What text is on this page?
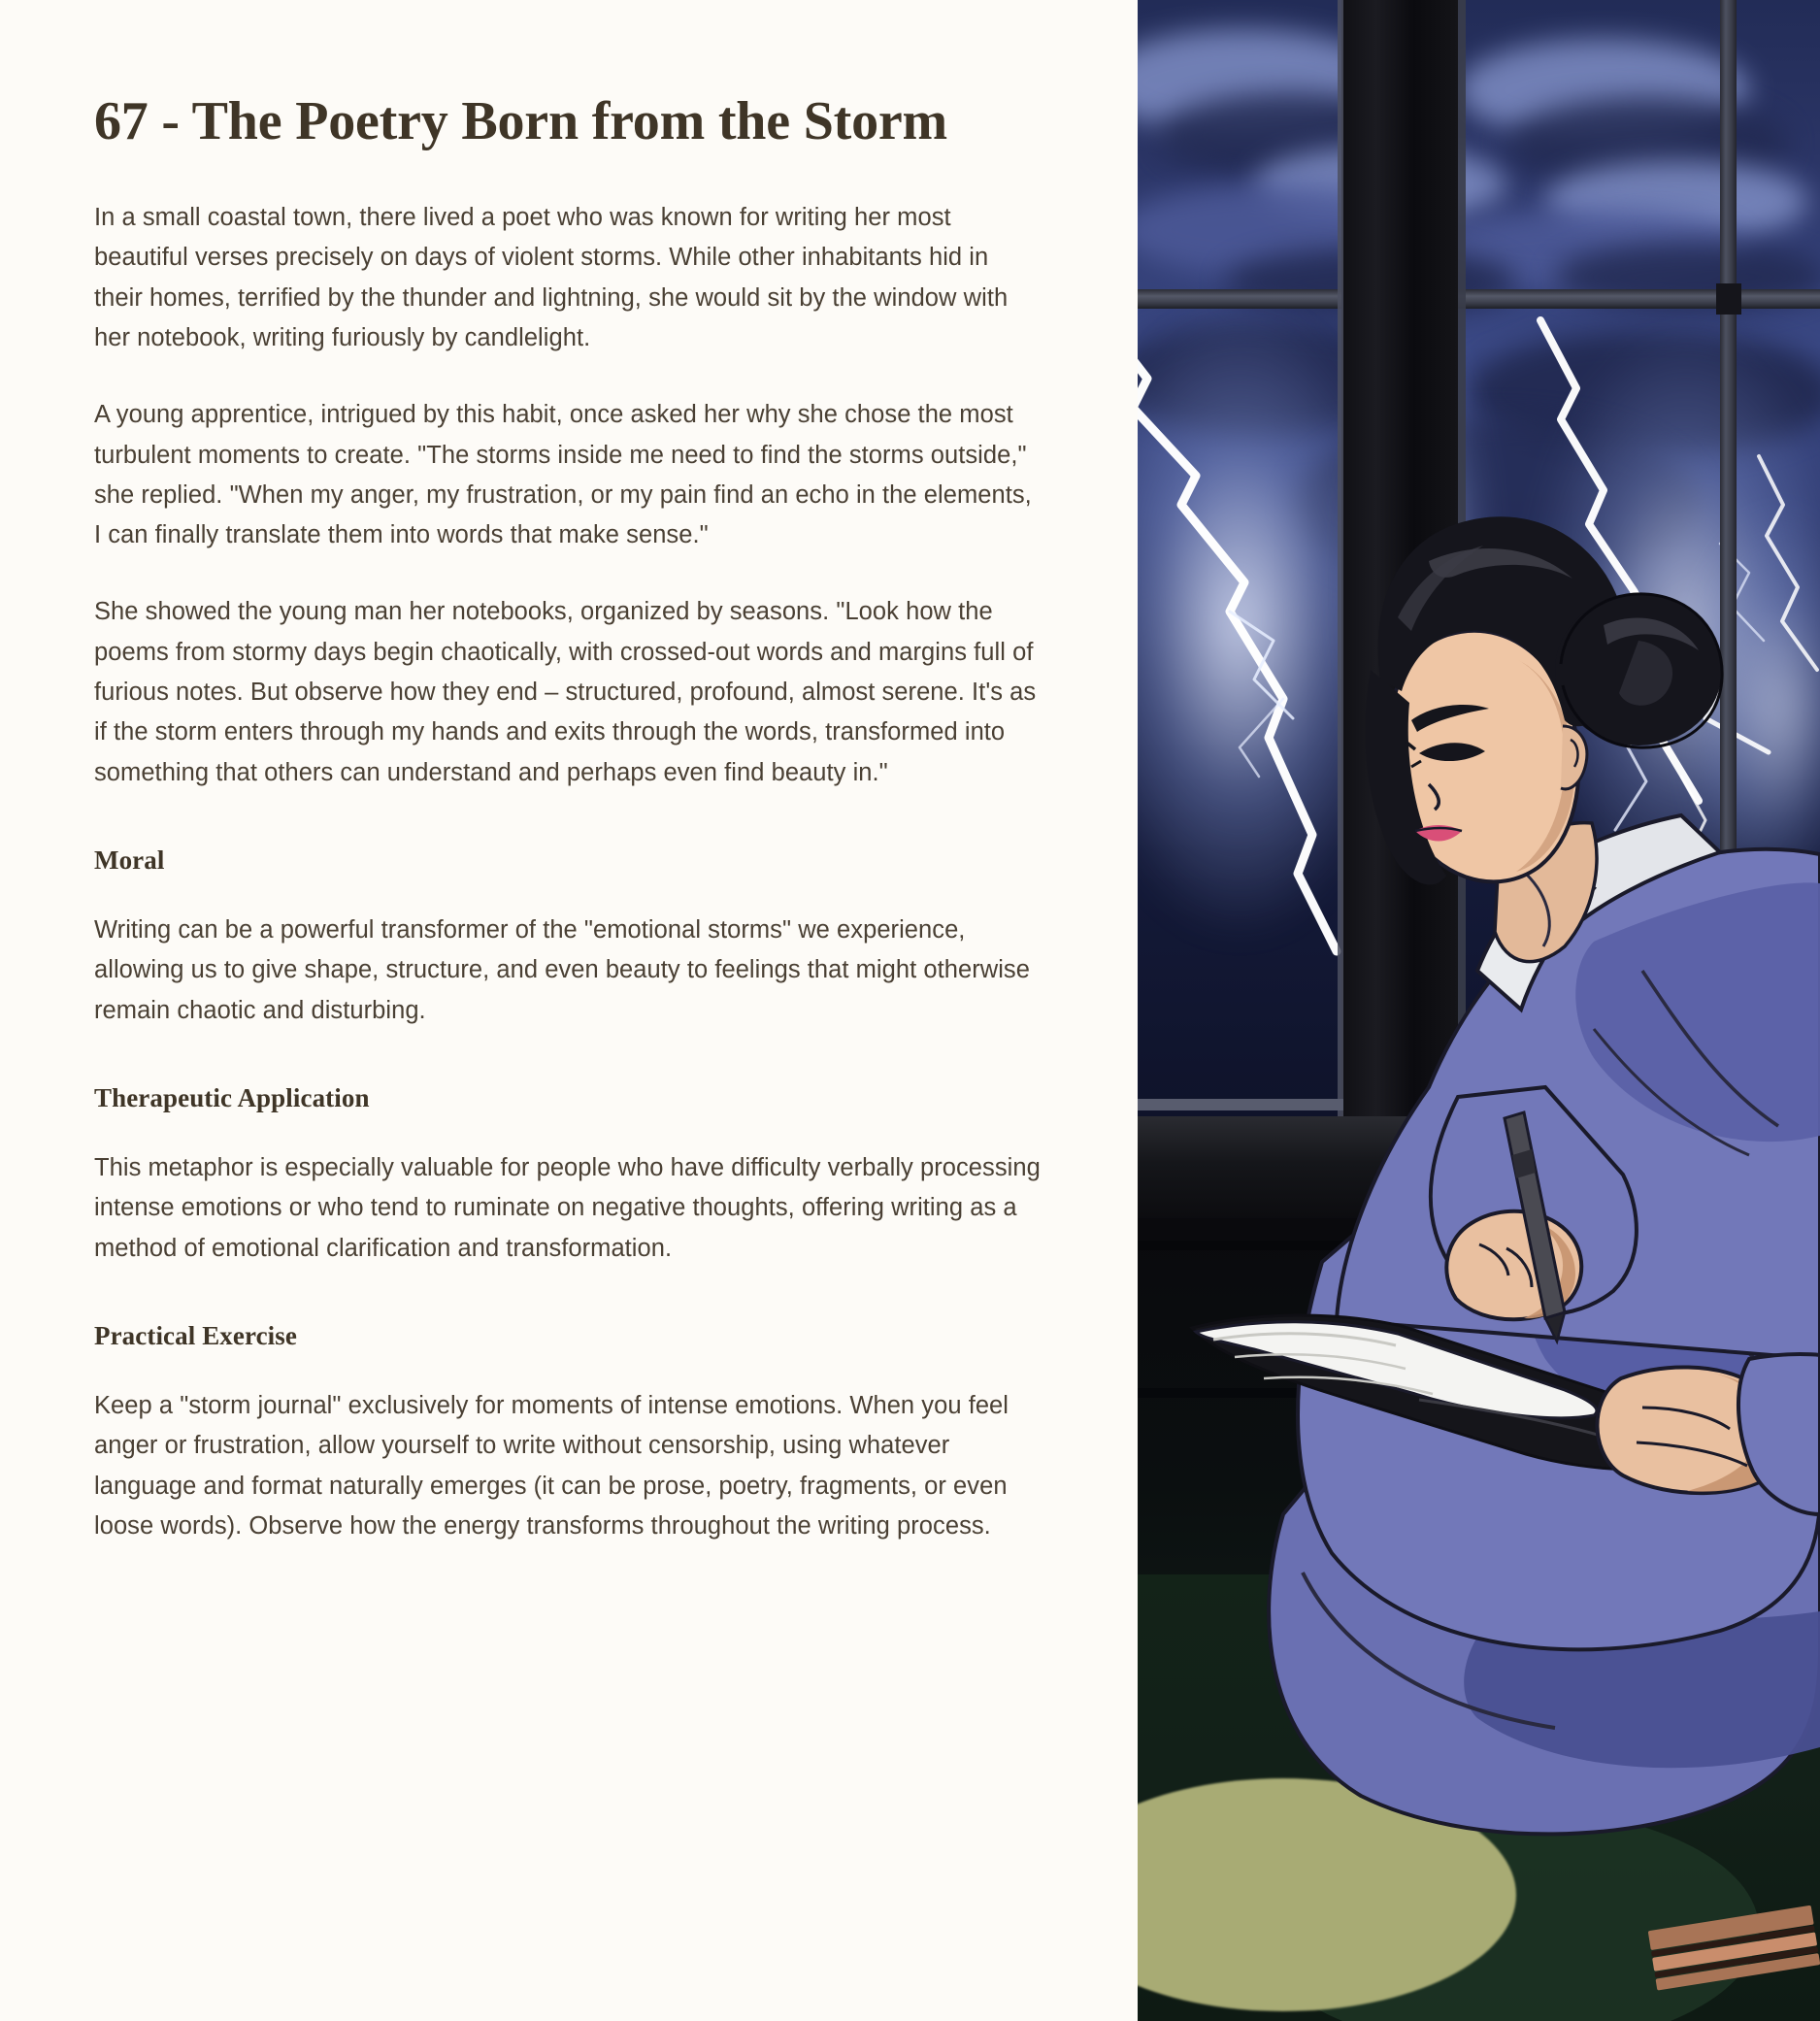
67 - The Poetry Born from the Storm

In a small coastal town, there lived a poet who was known for writing her most beautiful verses precisely on days of violent storms. While other inhabitants hid in their homes, terrified by the thunder and lightning, she would sit by the window with her notebook, writing furiously by candlelight.

A young apprentice, intrigued by this habit, once asked her why she chose the most turbulent moments to create. "The storms inside me need to find the storms outside," she replied. "When my anger, my frustration, or my pain find an echo in the elements, I can finally translate them into words that make sense."

She showed the young man her notebooks, organized by seasons. "Look how the poems from stormy days begin chaotically, with crossed-out words and margins full of furious notes. But observe how they end – structured, profound, almost serene. It's as if the storm enters through my hands and exits through the words, transformed into something that others can understand and perhaps even find beauty in."

Moral

Writing can be a powerful transformer of the "emotional storms" we experience, allowing us to give shape, structure, and even beauty to feelings that might otherwise remain chaotic and disturbing.

Therapeutic Application

This metaphor is especially valuable for people who have difficulty verbally processing intense emotions or who tend to ruminate on negative thoughts, offering writing as a method of emotional clarification and transformation.

Practical Exercise

Keep a "storm journal" exclusively for moments of intense emotions. When you feel anger or frustration, allow yourself to write without censorship, using whatever language and format naturally emerges (it can be prose, poetry, fragments, or even loose words). Observe how the energy transforms throughout the writing process.
